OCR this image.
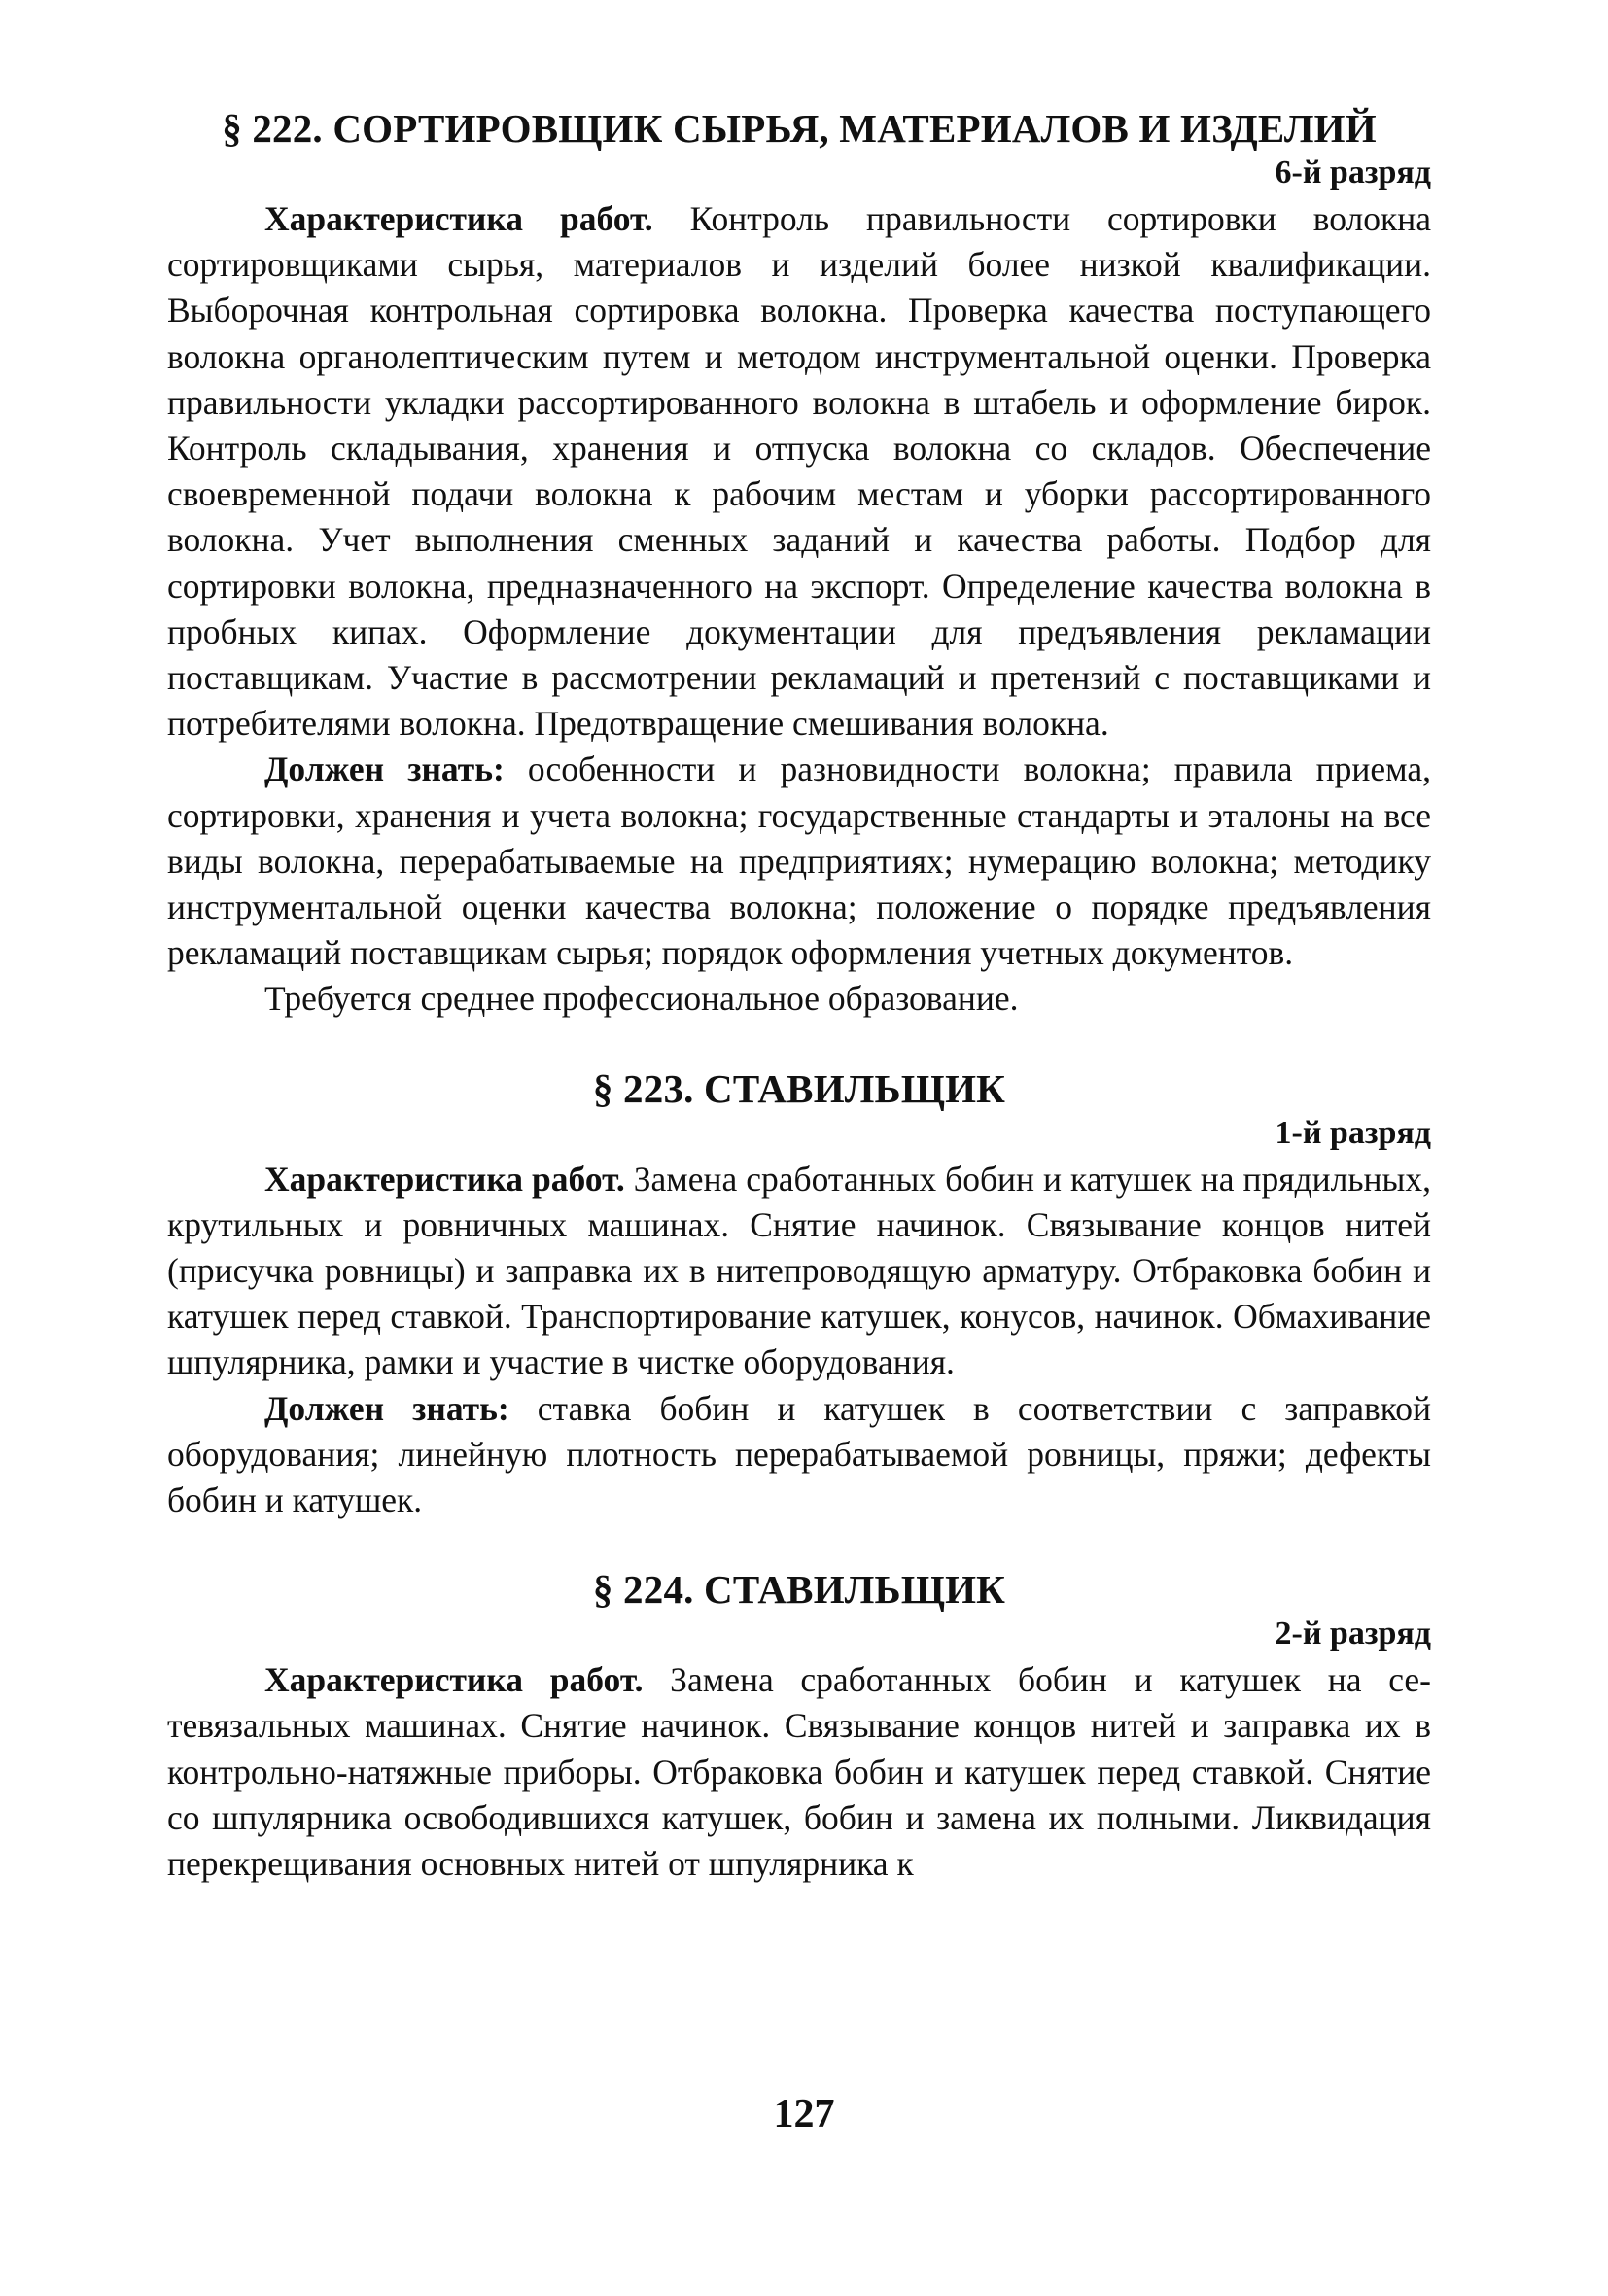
§ 222. СОРТИРОВЩИК СЫРЬЯ, МАТЕРИАЛОВ И ИЗДЕЛИЙ
6-й разряд

Характеристика работ. Контроль правильности сортировки волокна сортировщиками сырья, материалов и изделий более низкой квалификации. Выборочная контрольная сортировка волокна. Проверка качества поступающего волокна органолептическим путем и методом инструментальной оценки. Проверка правильности укладки рассортированного волокна в штабель и оформление бирок. Контроль складывания, хранения и отпуска волокна со складов. Обеспечение своевременной подачи волокна к рабочим местам и уборки рассортированного волокна. Учет выполнения сменных заданий и качества работы. Подбор для сортировки волокна, предназначенного на экспорт. Определение качества волокна в пробных кипах. Оформление документации для предъявления рекламации поставщикам. Участие в рассмотрении рекламаций и претензий с поставщиками и потребителями волокна. Предотвращение смешивания волокна.

Должен знать: особенности и разновидности волокна; правила приема, сортировки, хранения и учета волокна; государственные стандарты и эталоны на все виды волокна, перерабатываемые на предприятиях; нумерацию волокна; методику инструментальной оценки качества волокна; положение о порядке предъявления рекламаций поставщикам сырья; порядок оформления учетных документов.

Требуется среднее профессиональное образование.

§ 223. СТАВИЛЬЩИК
1-й разряд

Характеристика работ. Замена сработанных бобин и катушек на прядильных, крутильных и ровничных машинах. Снятие начинок. Связывание концов нитей (присучка ровницы) и заправка их в нитепроводящую арматуру. Отбраковка бобин и катушек перед ставкой. Транспортирование катушек, конусов, начинок. Обмахивание шпулярника, рамки и участие в чистке оборудования.

Должен знать: ставка бобин и катушек в соответствии с заправкой оборудования; линейную плотность перерабатываемой ровницы, пряжи; дефекты бобин и катушек.

§ 224. СТАВИЛЬЩИК
2-й разряд

Характеристика работ. Замена сработанных бобин и катушек на сетевязальных машинах. Снятие начинок. Связывание концов нитей и заправка их в контрольно-натяжные приборы. Отбраковка бобин и катушек перед ставкой. Снятие со шпулярника освободившихся катушек, бобин и замена их полными. Ликвидация перекрещивания основных нитей от шпулярника к

127
